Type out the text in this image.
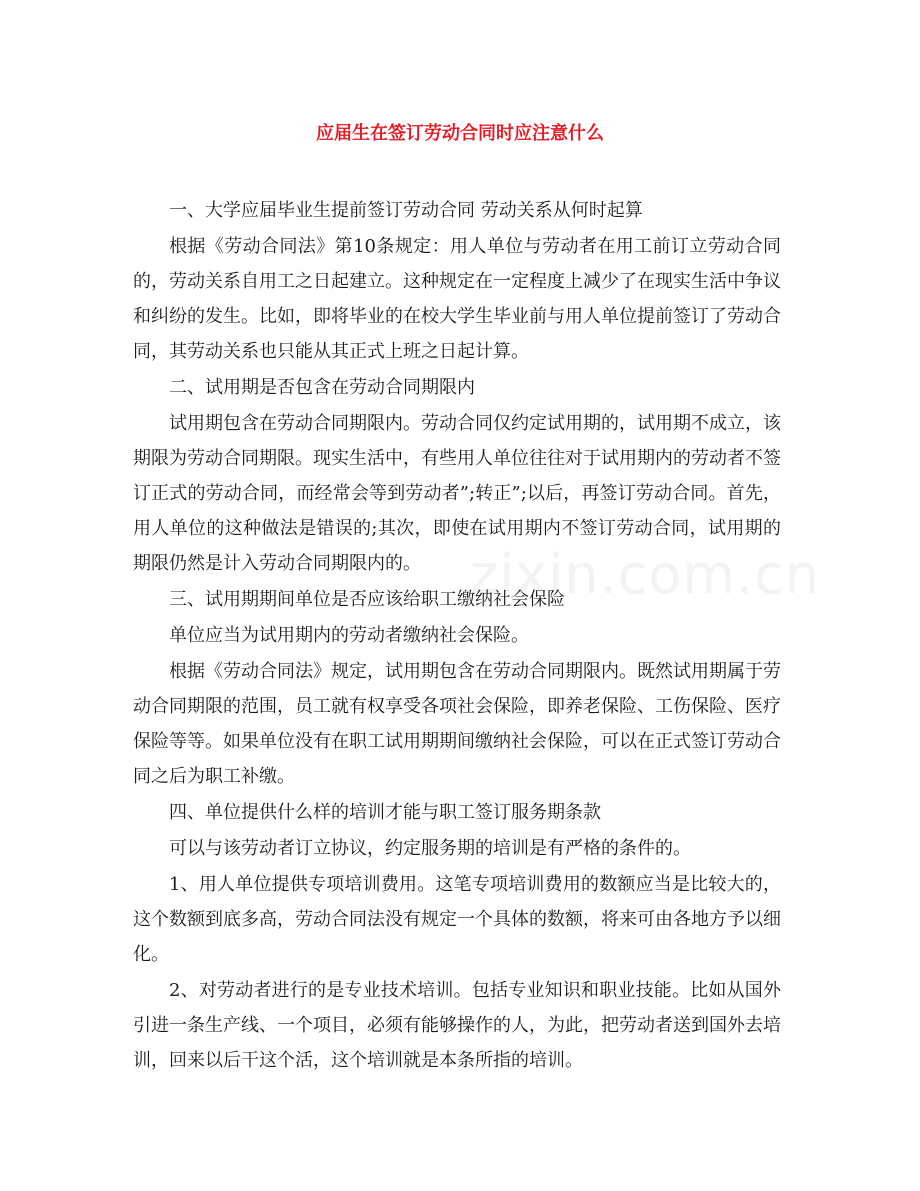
zixin.com.cn
应届生在签订劳动合同时应注意什么

一、大学应届毕业生提前签订劳动合同 劳动关系从何时起算

根据《劳动合同法》第10条规定：用人单位与劳动者在用工前订立劳动合同的，劳动关系自用工之日起建立。这种规定在一定程度上减少了在现实生活中争议和纠纷的发生。比如，即将毕业的在校大学生毕业前与用人单位提前签订了劳动合同，其劳动关系也只能从其正式上班之日起计算。

二、试用期是否包含在劳动合同期限内

试用期包含在劳动合同期限内。劳动合同仅约定试用期的，试用期不成立，该期限为劳动合同期限。现实生活中，有些用人单位往往对于试用期内的劳动者不签订正式的劳动合同，而经常会等到劳动者”;转正”;以后，再签订劳动合同。首先，用人单位的这种做法是错误的;其次，即使在试用期内不签订劳动合同，试用期的期限仍然是计入劳动合同期限内的。

三、试用期期间单位是否应该给职工缴纳社会保险

单位应当为试用期内的劳动者缴纳社会保险。

根据《劳动合同法》规定，试用期包含在劳动合同期限内。既然试用期属于劳动合同期限的范围，员工就有权享受各项社会保险，即养老保险、工伤保险、医疗保险等等。如果单位没有在职工试用期期间缴纳社会保险，可以在正式签订劳动合同之后为职工补缴。

四、单位提供什么样的培训才能与职工签订服务期条款

可以与该劳动者订立协议，约定服务期的培训是有严格的条件的。

1、用人单位提供专项培训费用。这笔专项培训费用的数额应当是比较大的，这个数额到底多高，劳动合同法没有规定一个具体的数额，将来可由各地方予以细化。

2、对劳动者进行的是专业技术培训。包括专业知识和职业技能。比如从国外引进一条生产线、一个项目，必须有能够操作的人，为此，把劳动者送到国外去培训，回来以后干这个活，这个培训就是本条所指的培训。
